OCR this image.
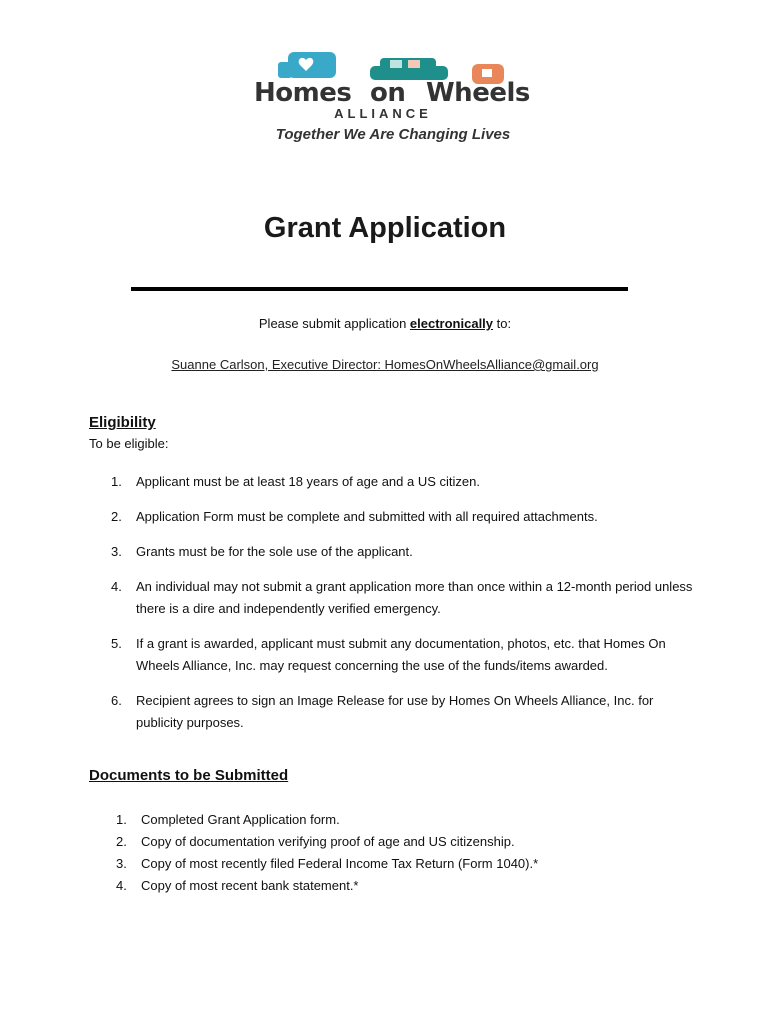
Homes on Wheels
ALLIANCE
Together We Are Changing Lives
Grant Application
Please submit application electronically to:
Suanne Carlson, Executive Director: HomesOnWheelsAlliance@gmail.org
Eligibility
To be eligible:
1.	Applicant must be at least 18 years of age and a US citizen.
2.	Application Form must be complete and submitted with all required attachments.
3.	Grants must be for the sole use of the applicant.
4.	An individual may not submit a grant application more than once within a 12-month period unless there is a dire and independently verified emergency.
5.	If a grant is awarded, applicant must submit any documentation, photos, etc. that Homes On Wheels Alliance, Inc. may request concerning the use of the funds/items awarded.
6.	Recipient agrees to sign an Image Release for use by Homes On Wheels Alliance, Inc. for publicity purposes.
Documents to be Submitted
1.	Completed Grant Application form.
2.	Copy of documentation verifying proof of age and US citizenship.
3.	Copy of most recently filed Federal Income Tax Return (Form 1040).*
4.	Copy of most recent bank statement.*
